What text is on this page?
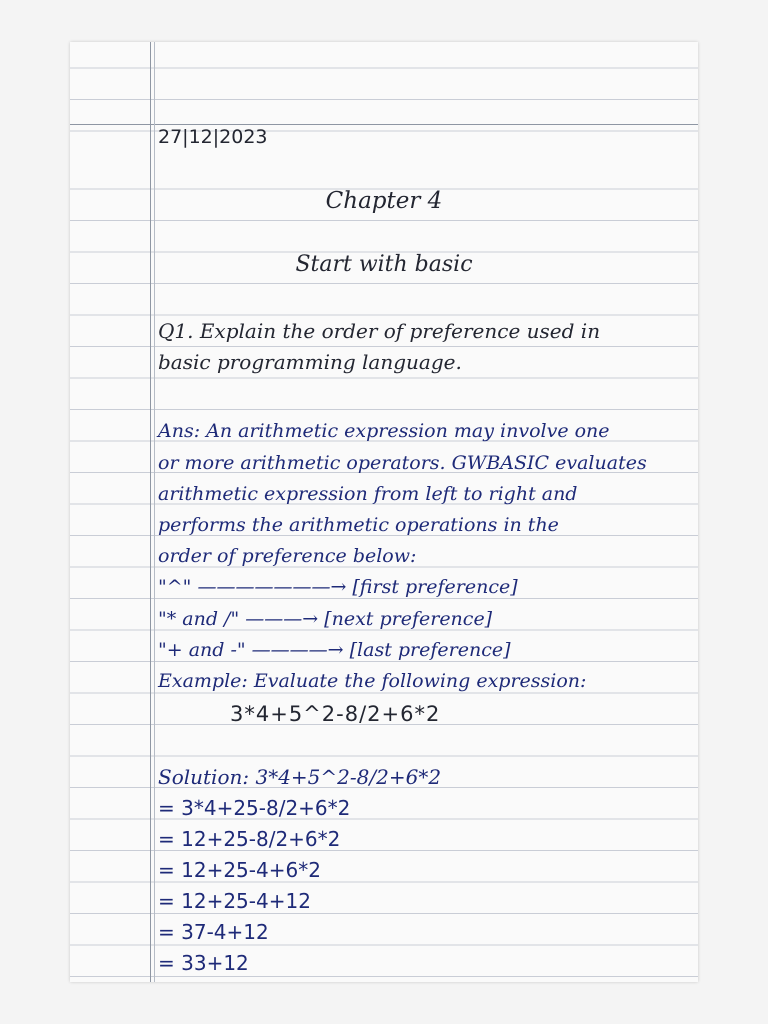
27|12|2023
Chapter 4
Start with basic
Q1. Explain the order of preference used in
basic programming language.
Ans: An arithmetic expression may involve one
or more arithmetic operators. GWBASIC evaluates
arithmetic expression from left to right and
performs the arithmetic operations in the
order of preference below:
"^" ———————→ [first preference]
"* and /" ———→ [next preference]
"+ and -" ————→ [last preference]
Example: Evaluate the following expression:
3*4+5^2-8/2+6*2
Solution: 3*4+5^2-8/2+6*2
= 3*4+25-8/2+6*2
= 12+25-8/2+6*2
= 12+25-4+6*2
= 12+25-4+12
= 37-4+12
= 33+12
